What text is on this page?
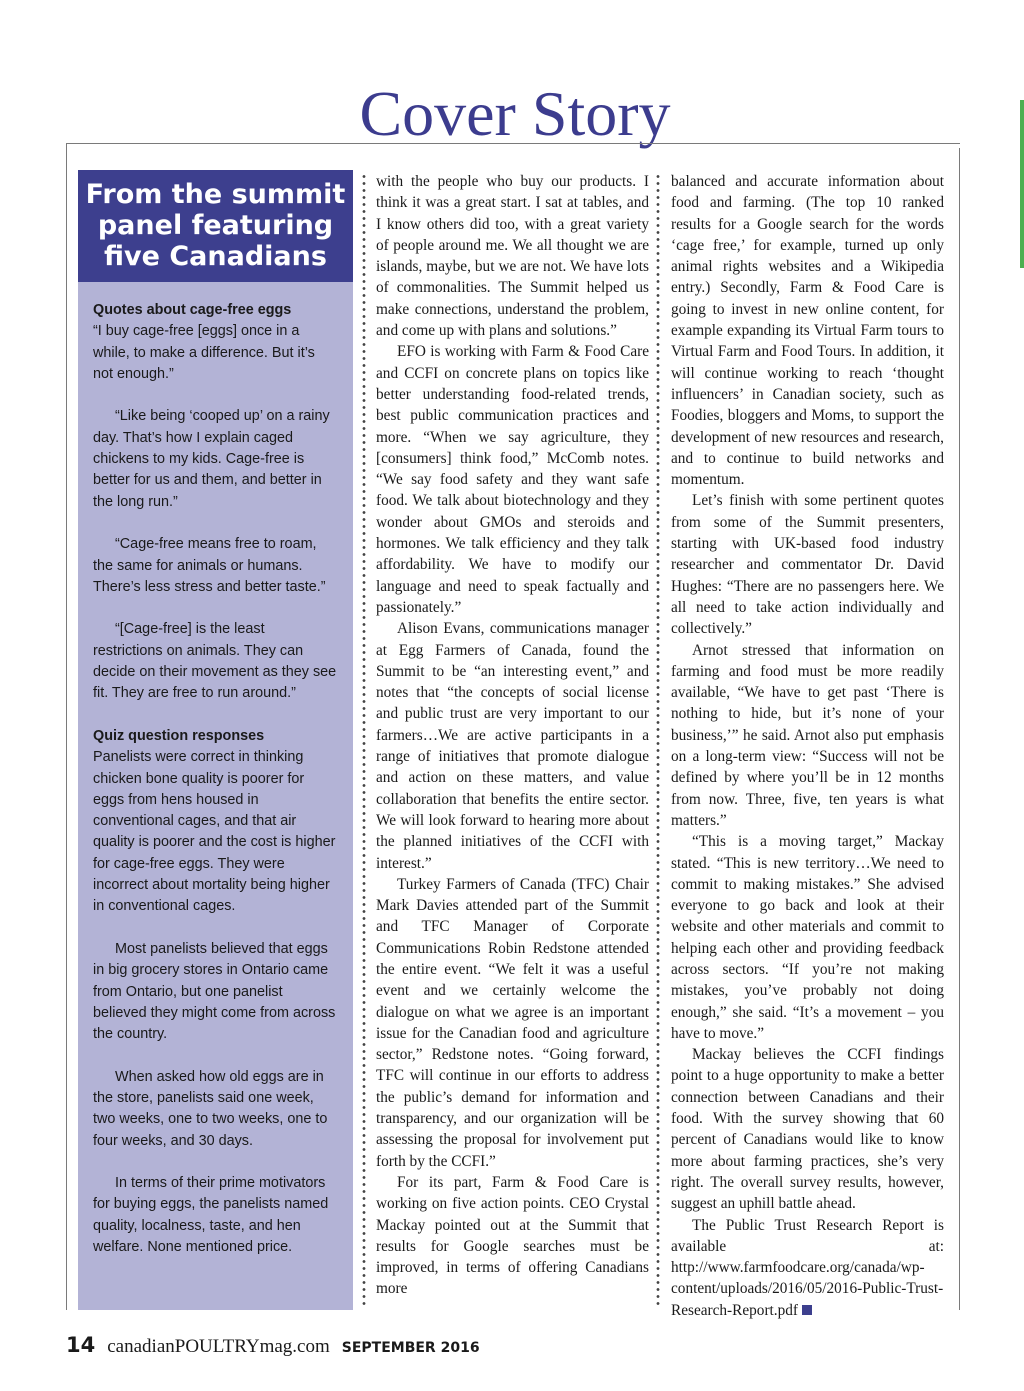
Cover Story
From the summit panel featuring five Canadians
Quotes about cage-free eggs

“I buy cage-free [eggs] once in a while, to make a difference. But it’s not enough.”

“Like being ‘cooped up’ on a rainy day. That’s how I explain caged chickens to my kids. Cage-free is better for us and them, and better in the long run.”

“Cage-free means free to roam, the same for animals or humans. There’s less stress and better taste.”

“[Cage-free] is the least restrictions on animals. They can decide on their movement as they see fit. They are free to run around.”

Quiz question responses

Panelists were correct in thinking chicken bone quality is poorer for eggs from hens housed in conventional cages, and that air quality is poorer and the cost is higher for cage-free eggs. They were incorrect about mortality being higher in conventional cages.

Most panelists believed that eggs in big grocery stores in Ontario came from Ontario, but one panelist believed they might come from across the country.

When asked how old eggs are in the store, panelists said one week, two weeks, one to two weeks, one to four weeks, and 30 days.

In terms of their prime motivators for buying eggs, the panelists named quality, localness, taste, and hen welfare. None mentioned price.

with the people who buy our products. I think it was a great start. I sat at tables, and I know others did too, with a great variety of people around me. We all thought we are islands, maybe, but we are not. We have lots of commonalities. The Summit helped us make connections, understand the problem, and come up with plans and solutions.”

EFO is working with Farm & Food Care and CCFI on concrete plans on topics like better understanding food-related trends, best public communication practices and more. “When we say agriculture, they [consumers] think food,” McComb notes. “We say food safety and they want safe food. We talk about biotechnology and they wonder about GMOs and steroids and hormones. We talk efficiency and they talk affordability. We have to modify our language and need to speak factually and passionately.”

Alison Evans, communications manager at Egg Farmers of Canada, found the Summit to be “an interesting event,” and notes that “the concepts of social license and public trust are very important to our farmers…We are active participants in a range of initiatives that promote dialogue and action on these matters, and value collaboration that benefits the entire sector. We will look forward to hearing more about the planned initiatives of the CCFI with interest.”

Turkey Farmers of Canada (TFC) Chair Mark Davies attended part of the Summit and TFC Manager of Corporate Communications Robin Redstone attended the entire event. “We felt it was a useful event and we certainly welcome the dialogue on what we agree is an important issue for the Canadian food and agriculture sector,” Redstone notes. “Going forward, TFC will continue in our efforts to address the public’s demand for information and transparency, and our organization will be assessing the proposal for involvement put forth by the CCFI.”

For its part, Farm & Food Care is working on five action points. CEO Crystal Mackay pointed out at the Summit that results for Google searches must be improved, in terms of offering Canadians more

balanced and accurate information about food and farming. (The top 10 ranked results for a Google search for the words ‘cage free,’ for example, turned up only animal rights websites and a Wikipedia entry.) Secondly, Farm & Food Care is going to invest in new online content, for example expanding its Virtual Farm tours to Virtual Farm and Food Tours. In addition, it will continue working to reach ‘thought influencers’ in Canadian society, such as Foodies, bloggers and Moms, to support the development of new resources and research, and to continue to build networks and momentum.

Let’s finish with some pertinent quotes from some of the Summit presenters, starting with UK-based food industry researcher and commentator Dr. David Hughes: “There are no passengers here. We all need to take action individually and collectively.”

Arnot stressed that information on farming and food must be more readily available, “We have to get past ‘There is nothing to hide, but it’s none of your business,’” he said. Arnot also put emphasis on a long-term view: “Success will not be defined by where you’ll be in 12 months from now. Three, five, ten years is what matters.”

“This is a moving target,” Mackay stated. “This is new territory…We need to commit to making mistakes.” She advised everyone to go back and look at their website and other materials and commit to helping each other and providing feedback across sectors. “If you’re not making mistakes, you’ve probably not doing enough,” she said. “It’s a movement – you have to move.”

Mackay believes the CCFI findings point to a huge opportunity to make a better connection between Canadians and their food. With the survey showing that 60 percent of Canadians would like to know more about farming practices, she’s very right. The overall survey results, however, suggest an uphill battle ahead.

The Public Trust Research Report is available at: http://www.farmfoodcare.org/canada/wp-content/uploads/2016/05/2016-Public-Trust-Research-Report.pdf

14 canadianPOULTRYmag.com SEPTEMBER 2016
